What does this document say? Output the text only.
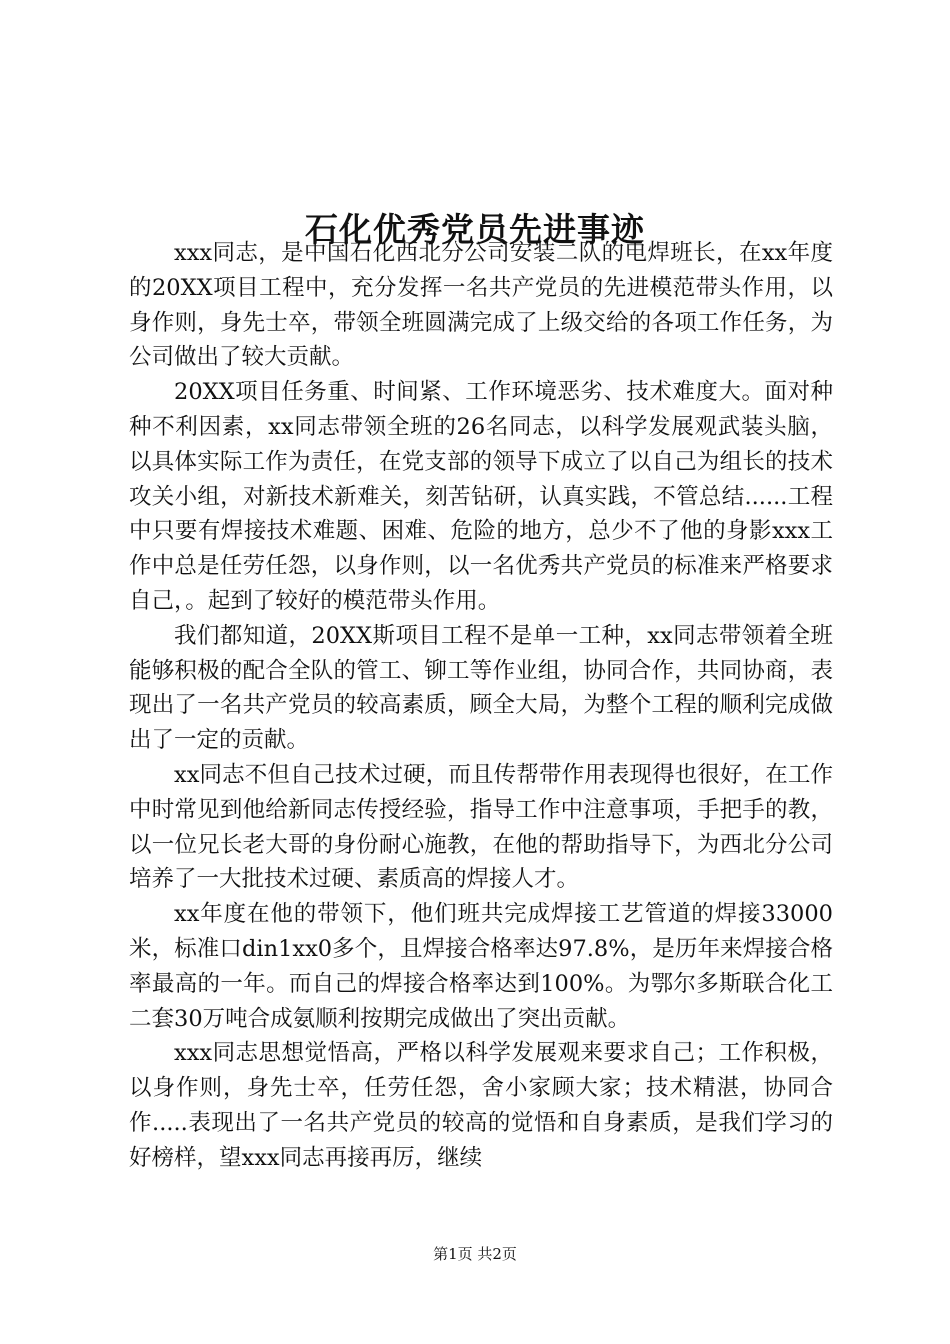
石化优秀党员先进事迹

xxx同志，是中国石化西北分公司安装二队的电焊班长，在xx年度的20XX项目工程中，充分发挥一名共产党员的先进模范带头作用，以身作则，身先士卒，带领全班圆满完成了上级交给的各项工作任务，为公司做出了较大贡献。

20XX项目任务重、时间紧、工作环境恶劣、技术难度大。面对种种不利因素，xx同志带领全班的26名同志，以科学发展观武装头脑，以具体实际工作为责任，在党支部的领导下成立了以自己为组长的技术攻关小组，对新技术新难关，刻苦钻研，认真实践，不管总结......工程中只要有焊接技术难题、困难、危险的地方，总少不了他的身影xxx工作中总是任劳任怨，以身作则，以一名优秀共产党员的标准来严格要求自己，。起到了较好的模范带头作用。

我们都知道，20XX斯项目工程不是单一工种，xx同志带领着全班能够积极的配合全队的管工、铆工等作业组，协同合作，共同协商，表现出了一名共产党员的较高素质，顾全大局，为整个工程的顺利完成做出了一定的贡献。

xx同志不但自己技术过硬，而且传帮带作用表现得也很好，在工作中时常见到他给新同志传授经验，指导工作中注意事项，手把手的教，以一位兄长老大哥的身份耐心施教，在他的帮助指导下，为西北分公司培养了一大批技术过硬、素质高的焊接人才。

xx年度在他的带领下，他们班共完成焊接工艺管道的焊接33000米，标准口din1xx0多个，且焊接合格率达97.8%，是历年来焊接合格率最高的一年。而自己的焊接合格率达到100%。为鄂尔多斯联合化工二套30万吨合成氨顺利按期完成做出了突出贡献。

xxx同志思想觉悟高，严格以科学发展观来要求自己；工作积极，以身作则，身先士卒，任劳任怨，舍小家顾大家；技术精湛，协同合作.....表现出了一名共产党员的较高的觉悟和自身素质，是我们学习的好榜样，望xxx同志再接再厉，继续

第1页 共2页
